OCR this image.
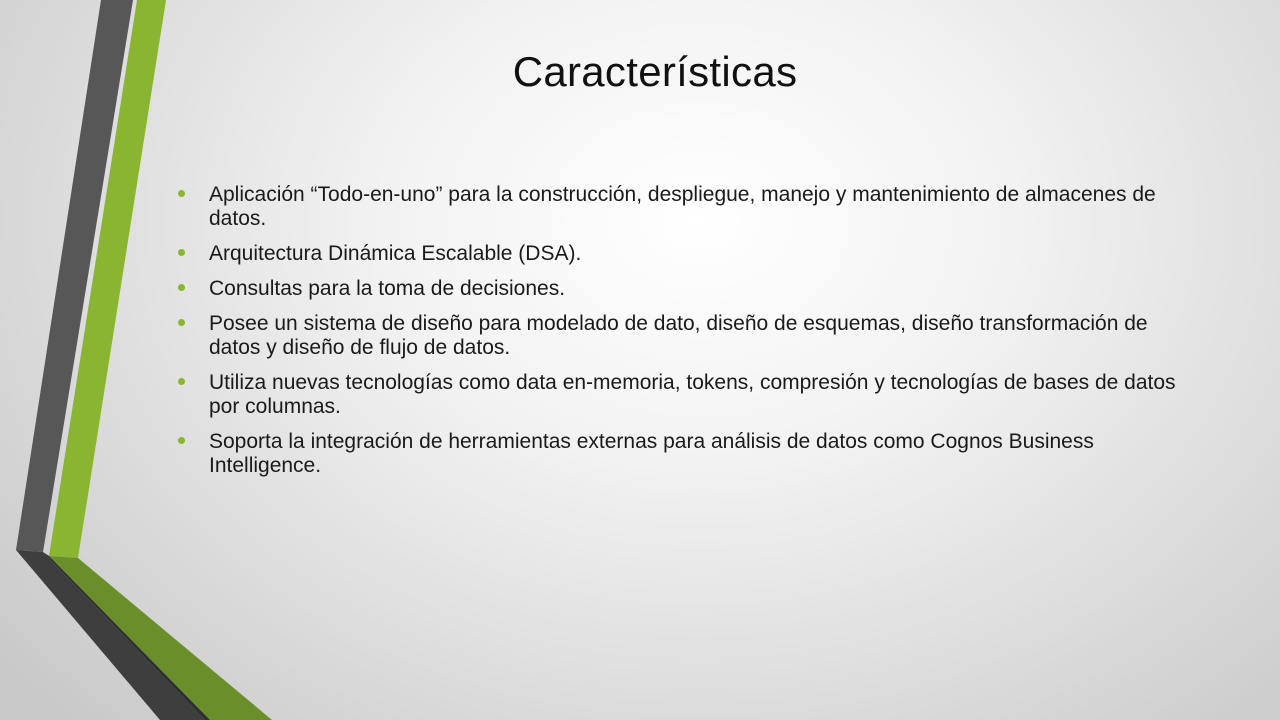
Características
Aplicación “Todo-en-uno” para la construcción, despliegue, manejo y mantenimiento de almacenes de datos.
Arquitectura Dinámica Escalable (DSA).
Consultas para la toma de decisiones.
Posee un sistema de diseño para modelado de dato, diseño de esquemas, diseño transformación de datos y diseño de flujo de datos.
Utiliza nuevas tecnologías como data en-memoria, tokens, compresión y tecnologías de bases de datos por columnas.
Soporta la integración de herramientas externas para análisis de datos como Cognos Business Intelligence.
